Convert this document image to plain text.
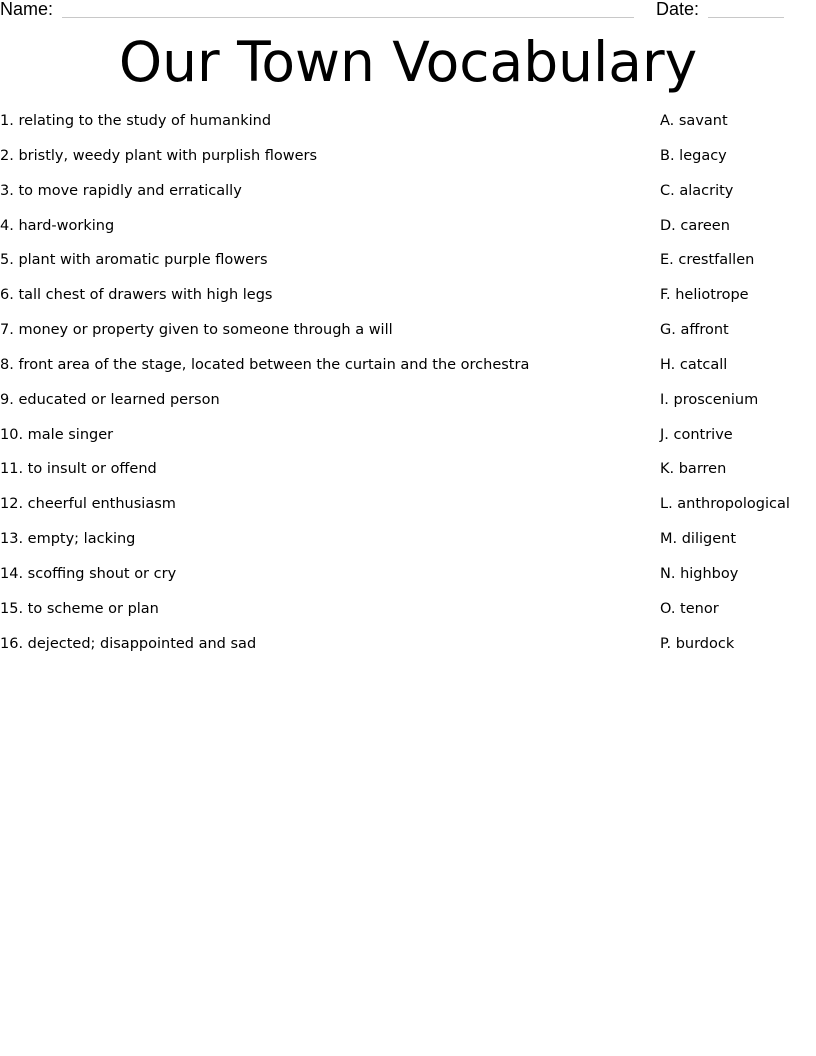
Name:	Date:
Our Town Vocabulary
1. relating to the study of humankind
2. bristly, weedy plant with purplish flowers
3. to move rapidly and erratically
4. hard-working
5. plant with aromatic purple flowers
6. tall chest of drawers with high legs
7. money or property given to someone through a will
8. front area of the stage, located between the curtain and the orchestra
9. educated or learned person
10. male singer
11. to insult or offend
12. cheerful enthusiasm
13. empty; lacking
14. scoffing shout or cry
15. to scheme or plan
16. dejected; disappointed and sad
A. savant
B. legacy
C. alacrity
D. careen
E. crestfallen
F. heliotrope
G. affront
H. catcall
I. proscenium
J. contrive
K. barren
L. anthropological
M. diligent
N. highboy
O. tenor
P. burdock
